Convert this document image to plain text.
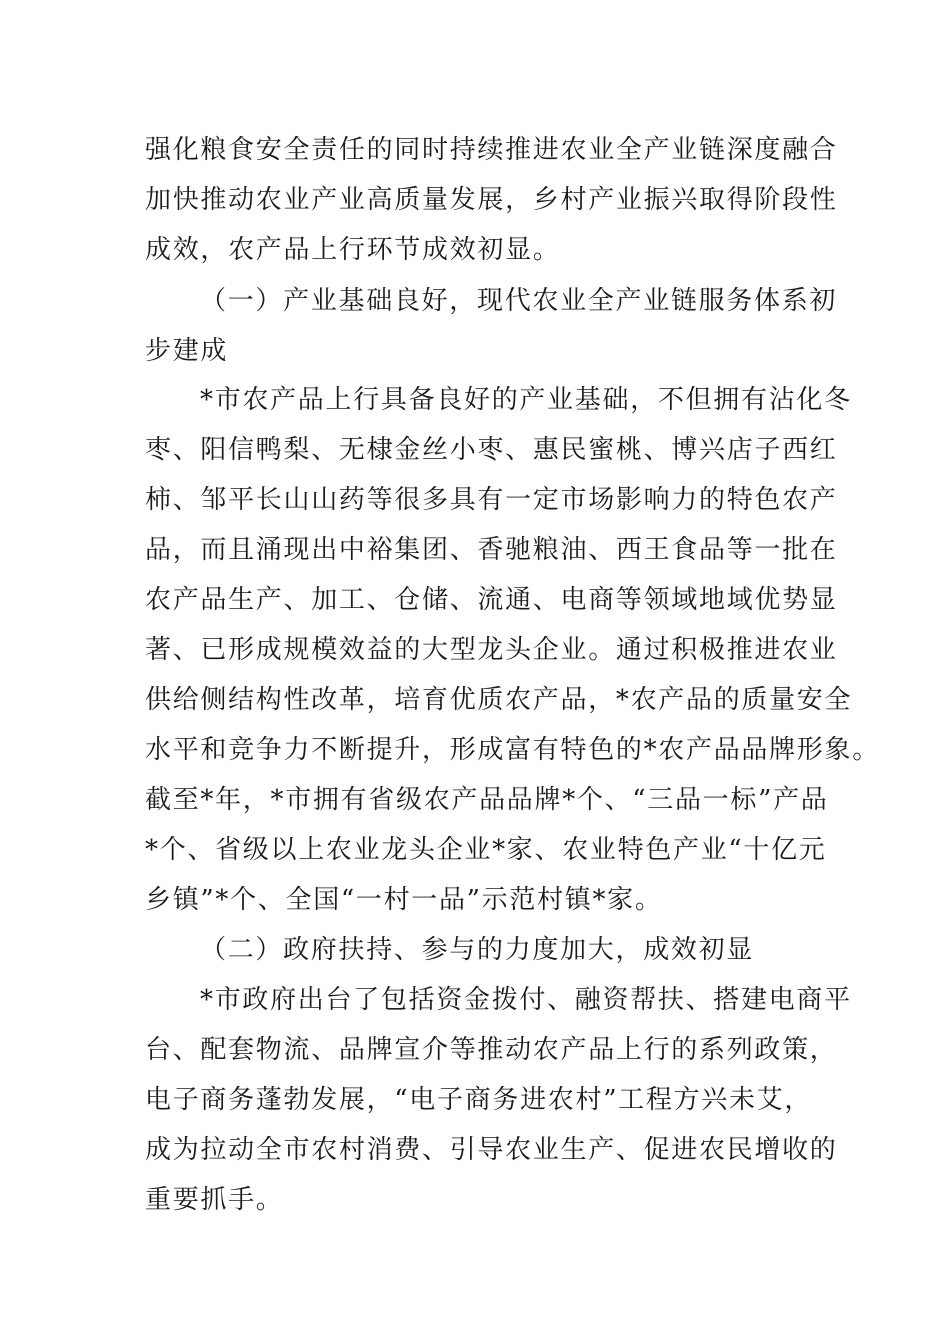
强化粮食安全责任的同时持续推进农业全产业链深度融合
加快推动农业产业高质量发展，乡村产业振兴取得阶段性
成效，农产品上行环节成效初显。
（一）产业基础良好，现代农业全产业链服务体系初
步建成
*市农产品上行具备良好的产业基础，不但拥有沾化冬
枣、阳信鸭梨、无棣金丝小枣、惠民蜜桃、博兴店子西红
柿、邹平长山山药等很多具有一定市场影响力的特色农产
品，而且涌现出中裕集团、香驰粮油、西王食品等一批在
农产品生产、加工、仓储、流通、电商等领域地域优势显
著、已形成规模效益的大型龙头企业。通过积极推进农业
供给侧结构性改革，培育优质农产品，*农产品的质量安全
水平和竞争力不断提升，形成富有特色的*农产品品牌形象。
截至*年，*市拥有省级农产品品牌*个、“三品一标”产品
*个、省级以上农业龙头企业*家、农业特色产业“十亿元
乡镇”*个、全国“一村一品”示范村镇*家。
（二）政府扶持、参与的力度加大，成效初显
*市政府出台了包括资金拨付、融资帮扶、搭建电商平
台、配套物流、品牌宣介等推动农产品上行的系列政策，
电子商务蓬勃发展，“电子商务进农村”工程方兴未艾，
成为拉动全市农村消费、引导农业生产、促进农民增收的
重要抓手。
